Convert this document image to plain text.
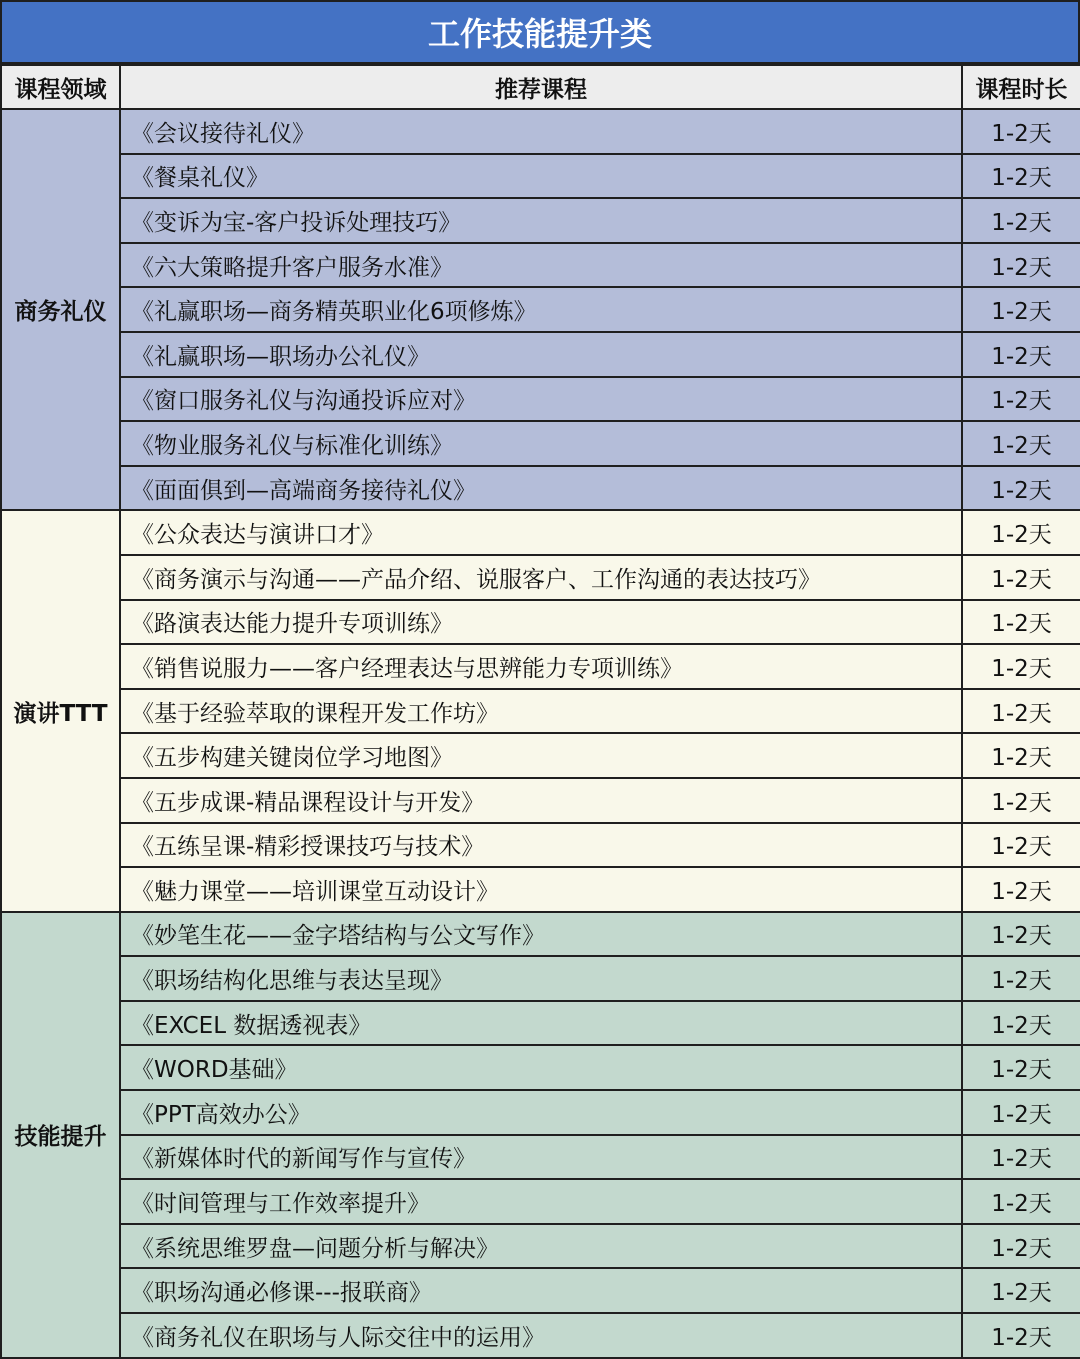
工作技能提升类
课程领域	推荐课程	课程时长
商务礼仪	《会议接待礼仪》	1-2天
	《餐桌礼仪》	1-2天
	《变诉为宝-客户投诉处理技巧》	1-2天
	《六大策略提升客户服务水准》	1-2天
	《礼赢职场—商务精英职业化6项修炼》	1-2天
	《礼赢职场—职场办公礼仪》	1-2天
	《窗口服务礼仪与沟通投诉应对》	1-2天
	《物业服务礼仪与标准化训练》	1-2天
	《面面俱到—高端商务接待礼仪》	1-2天
演讲TTT	《公众表达与演讲口才》	1-2天
	《商务演示与沟通——产品介绍、说服客户、工作沟通的表达技巧》	1-2天
	《路演表达能力提升专项训练》	1-2天
	《销售说服力——客户经理表达与思辨能力专项训练》	1-2天
	《基于经验萃取的课程开发工作坊》	1-2天
	《五步构建关键岗位学习地图》	1-2天
	《五步成课-精品课程设计与开发》	1-2天
	《五练呈课-精彩授课技巧与技术》	1-2天
	《魅力课堂——培训课堂互动设计》	1-2天
技能提升	《妙笔生花——金字塔结构与公文写作》	1-2天
	《职场结构化思维与表达呈现》	1-2天
	《EXCEL 数据透视表》	1-2天
	《WORD基础》	1-2天
	《PPT高效办公》	1-2天
	《新媒体时代的新闻写作与宣传》	1-2天
	《时间管理与工作效率提升》	1-2天
	《系统思维罗盘—问题分析与解决》	1-2天
	《职场沟通必修课---报联商》	1-2天
	《商务礼仪在职场与人际交往中的运用》	1-2天
